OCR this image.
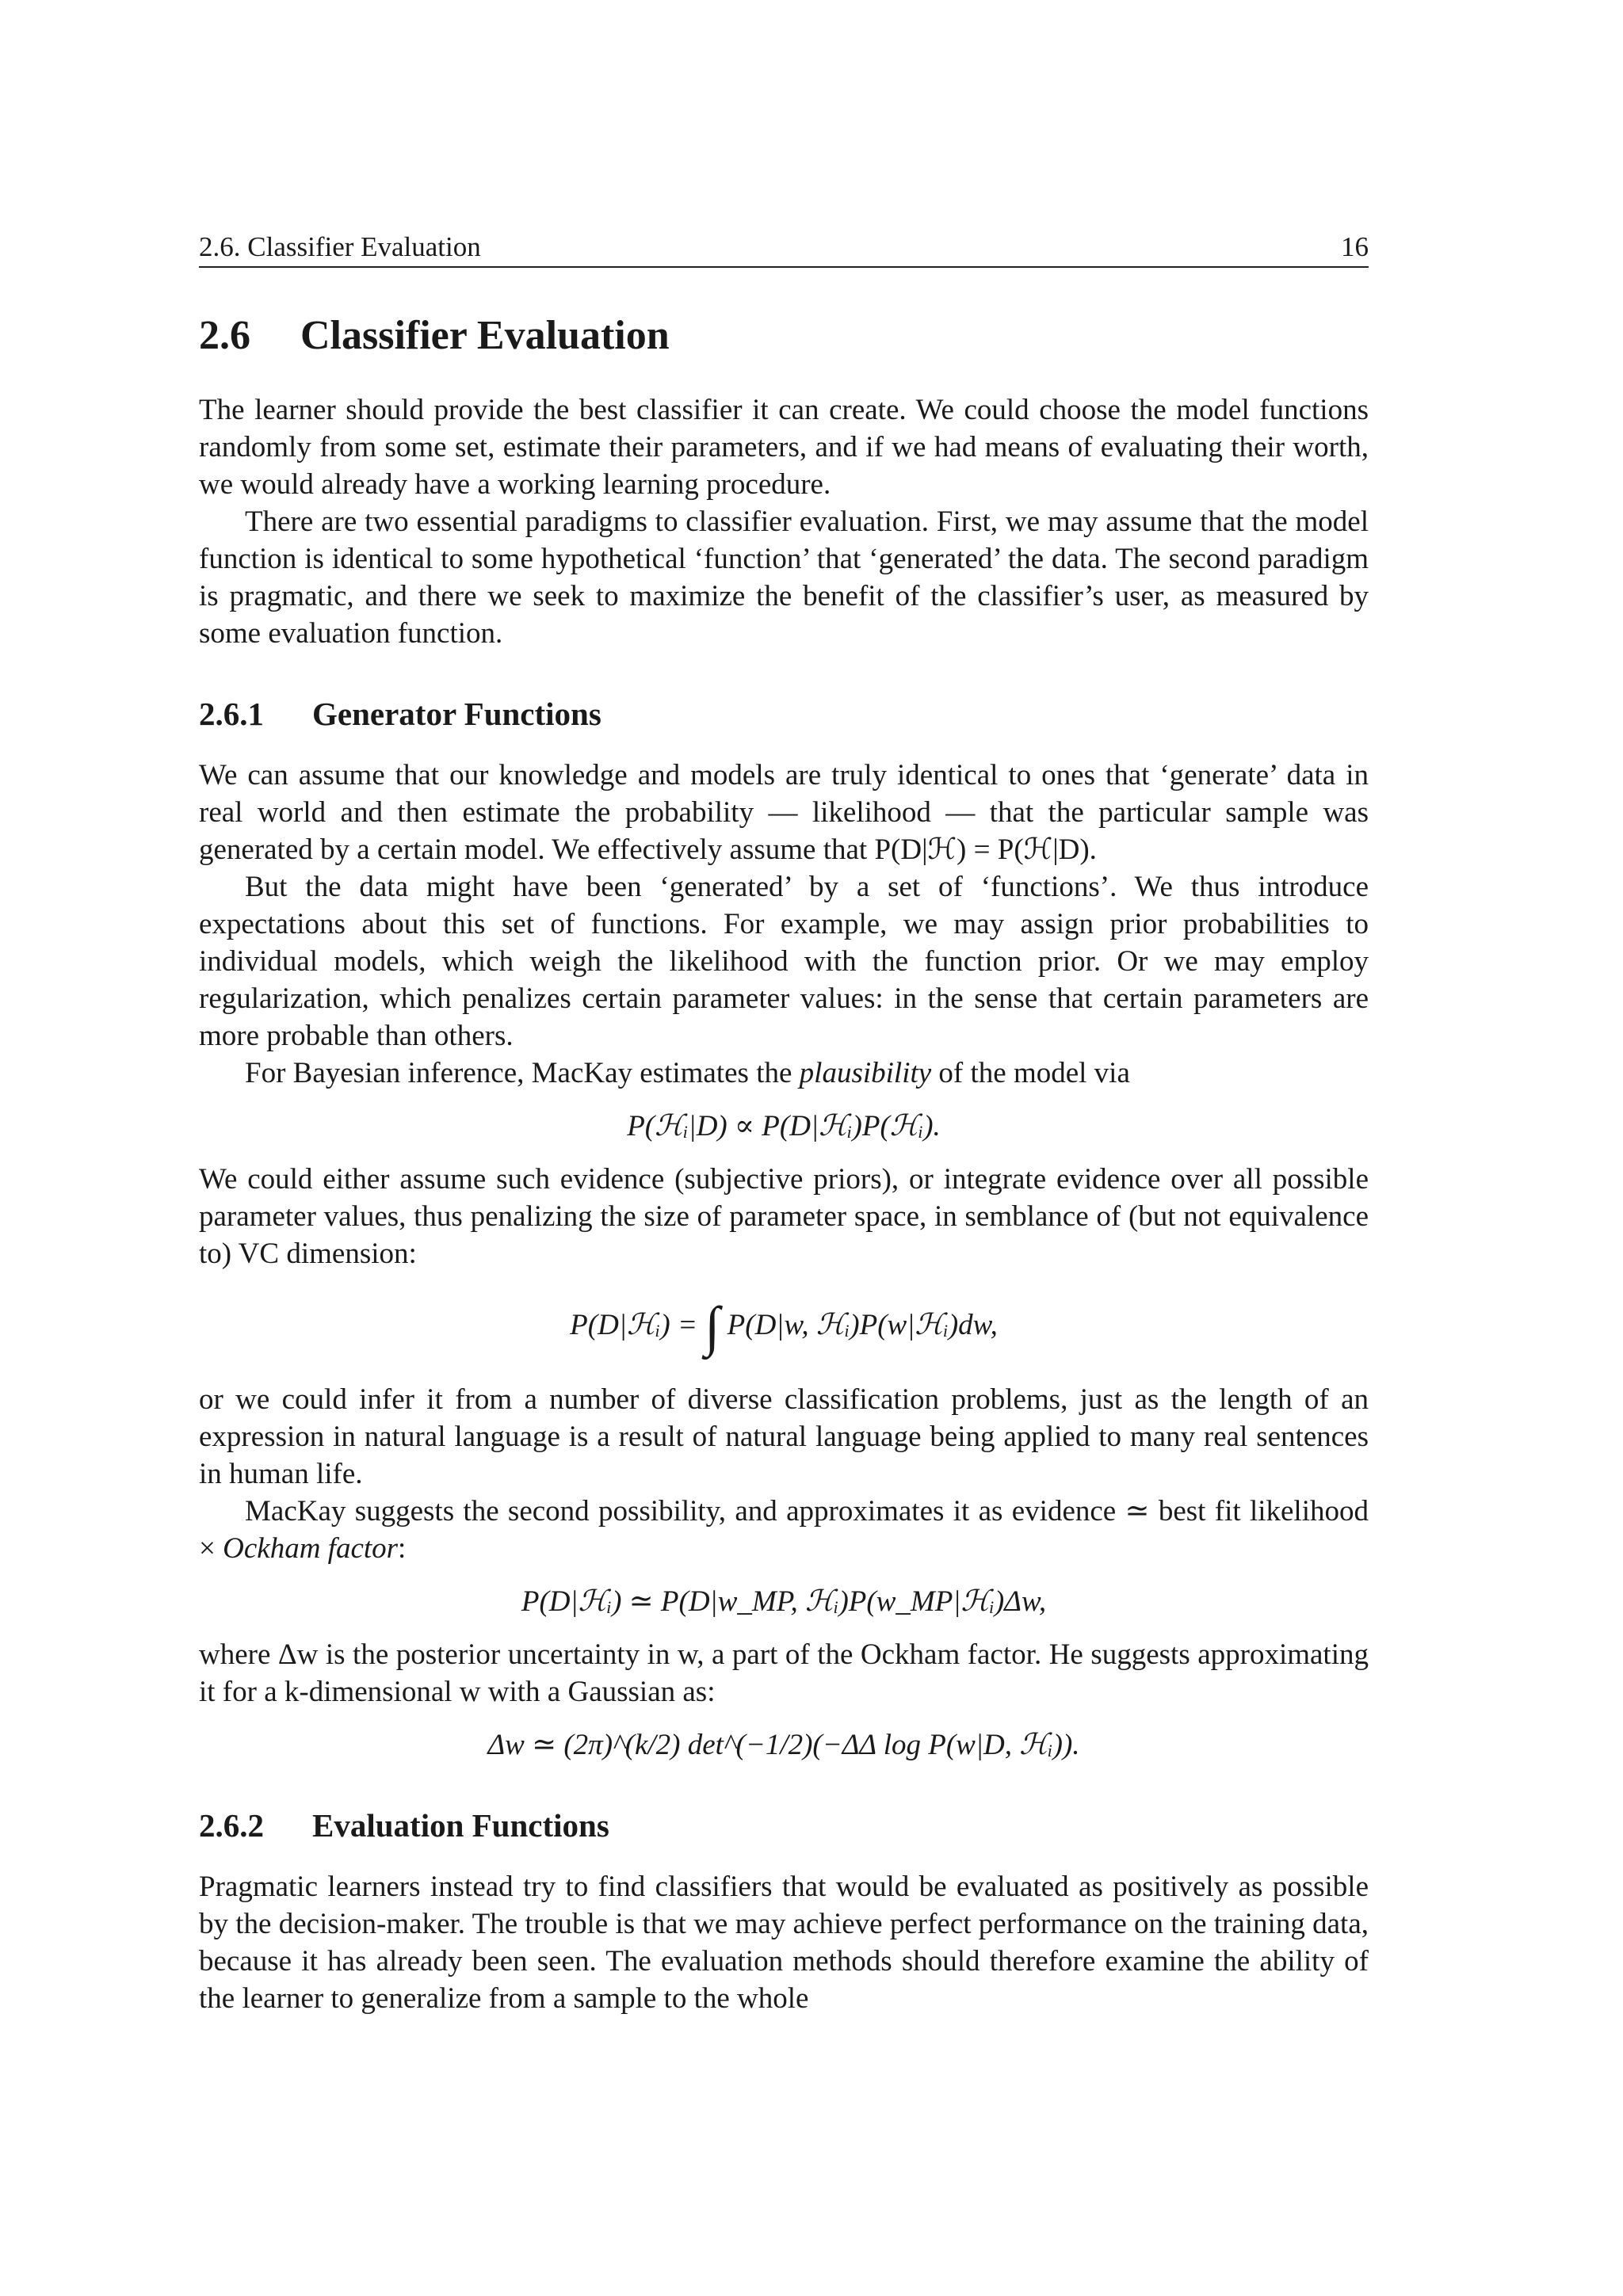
2.6. Classifier Evaluation	16
2.6 Classifier Evaluation

The learner should provide the best classifier it can create. We could choose the model functions randomly from some set, estimate their parameters, and if we had means of evaluating their worth, we would already have a working learning procedure.

There are two essential paradigms to classifier evaluation. First, we may assume that the model function is identical to some hypothetical ‘function’ that ‘generated’ the data. The second paradigm is pragmatic, and there we seek to maximize the benefit of the classifier’s user, as measured by some evaluation function.

2.6.1 Generator Functions

We can assume that our knowledge and models are truly identical to ones that ‘generate’ data in real world and then estimate the probability — likelihood — that the particular sample was generated by a certain model. We effectively assume that P(D|ℋ) = P(ℋ|D).

But the data might have been ‘generated’ by a set of ‘functions’. We thus introduce expectations about this set of functions. For example, we may assign prior probabilities to individual models, which weigh the likelihood with the function prior. Or we may employ regularization, which penalizes certain parameter values: in the sense that certain parameters are more probable than others.

For Bayesian inference, MacKay estimates the plausibility of the model via

P(ℋᵢ|D) ∝ P(D|ℋᵢ)P(ℋᵢ).

We could either assume such evidence (subjective priors), or integrate evidence over all possible parameter values, thus penalizing the size of parameter space, in semblance of (but not equivalence to) VC dimension:

P(D|ℋᵢ) = ∫ P(D|w, ℋᵢ)P(w|ℋᵢ)dw,

or we could infer it from a number of diverse classification problems, just as the length of an expression in natural language is a result of natural language being applied to many real sentences in human life.

MacKay suggests the second possibility, and approximates it as evidence ≃ best fit likelihood × Ockham factor:

P(D|ℋᵢ) ≃ P(D|w_MP, ℋᵢ)P(w_MP|ℋᵢ)Δw,

where Δw is the posterior uncertainty in w, a part of the Ockham factor. He suggests approximating it for a k-dimensional w with a Gaussian as:

Δw ≃ (2π)^(k/2) det^(−1/2)(−ΔΔ log P(w|D, ℋᵢ)).
2.6.2 Evaluation Functions

Pragmatic learners instead try to find classifiers that would be evaluated as positively as possible by the decision-maker. The trouble is that we may achieve perfect performance on the training data, because it has already been seen. The evaluation methods should therefore examine the ability of the learner to generalize from a sample to the whole
